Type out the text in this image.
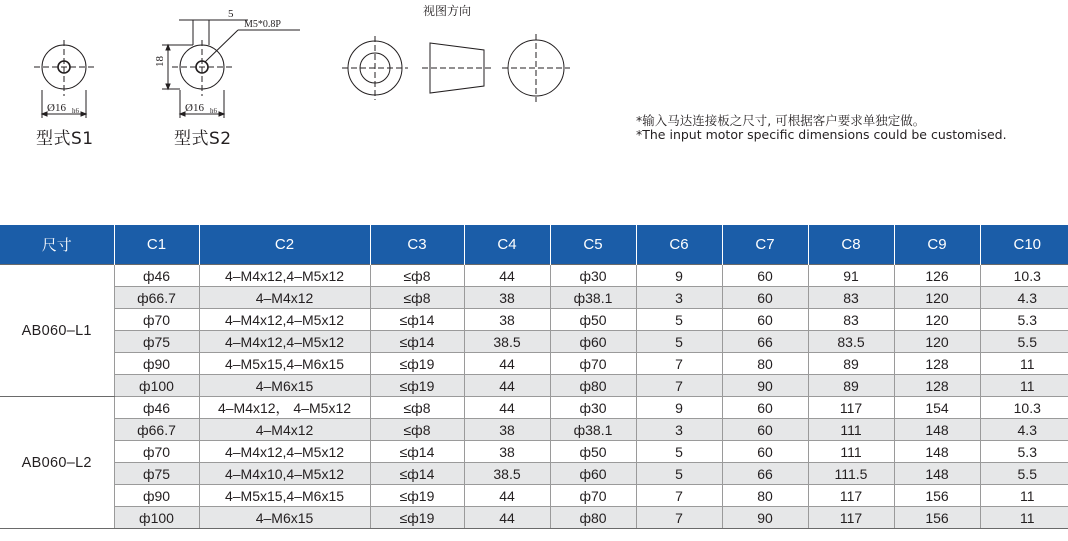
Ø16 h6
5
M5*0.8P
18
Ø16 h6
视图方向
型式S1	型式S2
*输入马达连接板之尺寸, 可根据客户要求单独定做。
*The input motor specific dimensions could be customised.
尺寸	C1	C2	C3	C4	C5	C6	C7	C8	C9	C10
AB060–L1	ф46	4–M4x12,4–M5x12	≤ф8	44	ф30	9	60	91	126	10.3
	ф66.7	4–M4x12	≤ф8	38	ф38.1	3	60	83	120	4.3
	ф70	4–M4x12,4–M5x12	≤ф14	38	ф50	5	60	83	120	5.3
	ф75	4–M4x12,4–M5x12	≤ф14	38.5	ф60	5	66	83.5	120	5.5
	ф90	4–M5x15,4–M6x15	≤ф19	44	ф70	7	80	89	128	11
	ф100	4–M6x15	≤ф19	44	ф80	7	90	89	128	11
AB060–L2	ф46	4–M4x12， 4–M5x12	≤ф8	44	ф30	9	60	117	154	10.3
	ф66.7	4–M4x12	≤ф8	38	ф38.1	3	60	111	148	4.3
	ф70	4–M4x12,4–M5x12	≤ф14	38	ф50	5	60	111	148	5.3
	ф75	4–M4x10,4–M5x12	≤ф14	38.5	ф60	5	66	111.5	148	5.5
	ф90	4–M5x15,4–M6x15	≤ф19	44	ф70	7	80	117	156	11
	ф100	4–M6x15	≤ф19	44	ф80	7	90	117	156	11
